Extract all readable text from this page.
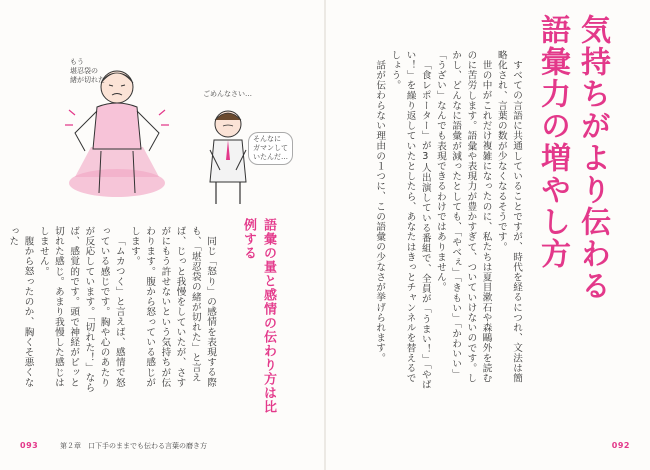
気持ちがより伝わる語彙力の増やし方

すべての言語に共通していることですが、時代を経るにつれ、文法は簡略化され、言葉の数が少なくなるそうです。

世の中がこれだけ複雑になったのに、私たちは夏目漱石や森鷗外を読むのに苦労します。語彙や表現力が豊かすぎて、ついていけないのです。しかし、どんなに語彙が減ったとしても、「やべぇ」「きもい」「かわいい」「うざい」なんでも表現できるわけではありません。

「食レポーター」が3人出演している番組で、全員が「うまい！」「やばい！」を繰り返していたとしたら、あなたはきっとチャンネルを替えるでしょう。

話が伝わらない理由の１つに、この語彙の少なさが挙げられます。

語彙の量と感情の伝わり方は比例する

同じ「怒り」の感情を表現する際も、「堪忍袋の緒が切れた」と言えば、じっと我慢をしていたが、さすがにもう許せないという気持ちが伝わります。腹から怒っている感じがします。

「ムカつく」と言えば、感情で怒っている感じです。胸や心のあたりが反応しています。「切れた！」ならば、感覚的です。頭で神経がピッと切れた感じ。あまり我慢した感じはしません。

腹から怒ったのか、胸くそ悪くなった

もう
堪忍袋の
緒が切れた
ごめんなさい…
そんなに
ガマンして
いたんだ…
093	第２章　口下手のままでも伝わる言葉の磨き方	092
